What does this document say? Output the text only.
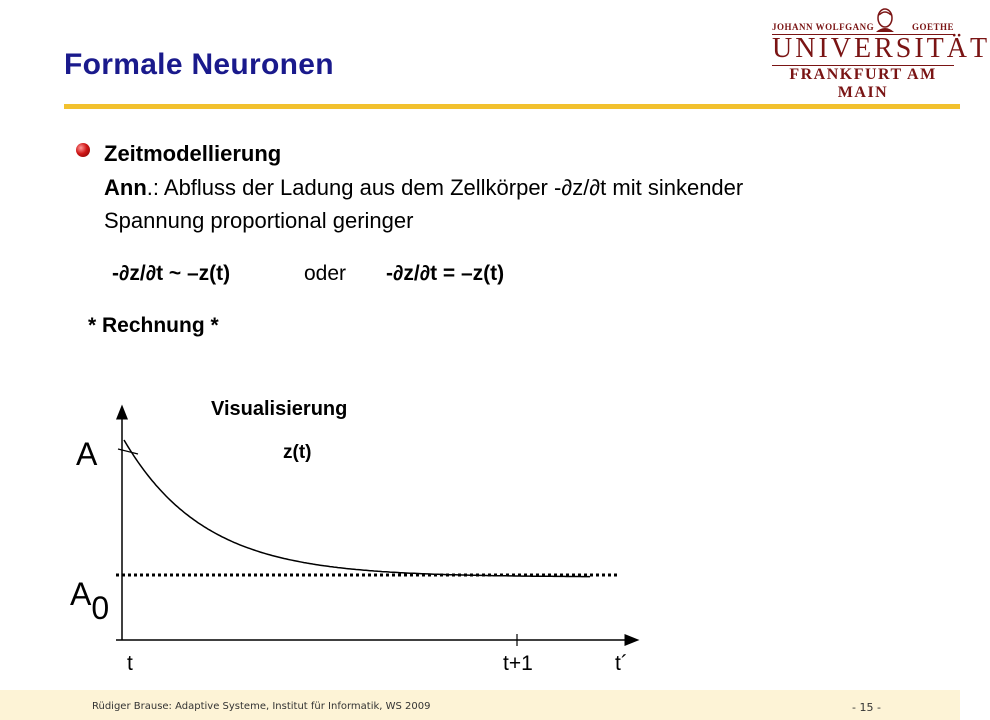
Formale Neuronen
JOHANN WOLFGANG	GOETHE
UNIVERSITÄT
FRANKFURT AM MAIN
Zeitmodellierung
Ann.: Abfluss der Ladung aus dem Zellkörper -∂z/∂t mit sinkender
Spannung proportional geringer
-∂z/∂t ~ –z(t)	oder -∂z/∂t = –z(t)
* Rechnung *
Visualisierung
z(t)
A
A0
t	t+1	t´
Rüdiger Brause: Adaptive Systeme, Institut für Informatik, WS 2009	- 15 -
